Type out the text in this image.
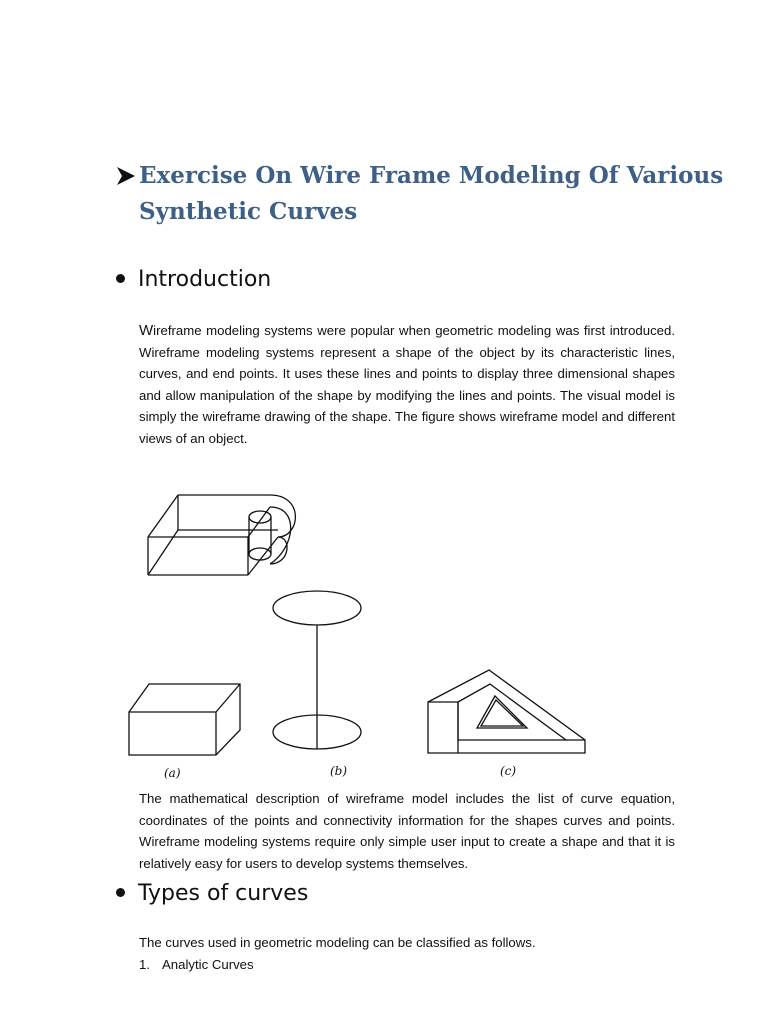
Exercise On Wire Frame Modeling Of Various
Synthetic Curves
Introduction
Wireframe modeling systems were popular when geometric modeling was first introduced. Wireframe modeling systems represent a shape of the object by its characteristic lines, curves, and end points. It uses these lines and points to display three dimensional shapes and allow manipulation of the shape by modifying the lines and points. The visual model is simply the wireframe drawing of the shape. The figure shows wireframe model and different views of an object.
(a)	(b)	(c)
The mathematical description of wireframe model includes the list of curve equation, coordinates of the points and connectivity information for the shapes curves and points. Wireframe modeling systems require only simple user input to create a shape and that it is relatively easy for users to develop systems themselves.
Types of curves
The curves used in geometric modeling can be classified as follows.
1. Analytic Curves
